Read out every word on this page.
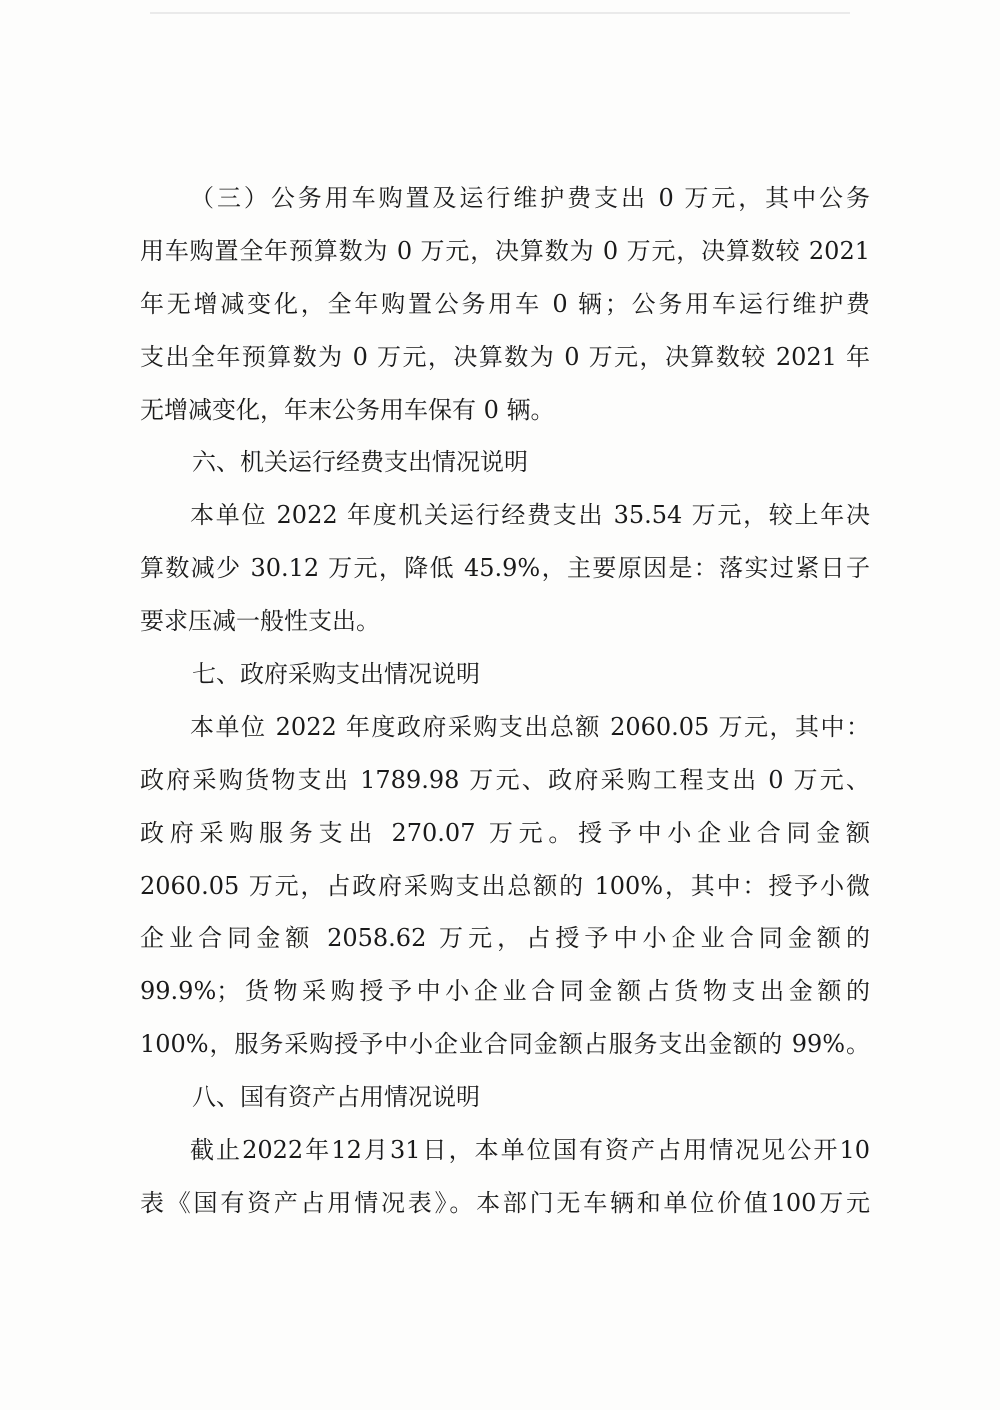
（三）公务用车购置及运行维护费支出 0 万元，其中公务
用车购置全年预算数为 0 万元，决算数为 0 万元，决算数较 2021
年无增减变化，全年购置公务用车 0 辆；公务用车运行维护费
支出全年预算数为 0 万元，决算数为 0 万元，决算数较 2021 年
无增减变化，年末公务用车保有 0 辆。
六、机关运行经费支出情况说明
本单位 2022 年度机关运行经费支出 35.54 万元，较上年决
算数减少 30.12 万元，降低 45.9%，主要原因是：落实过紧日子
要求压减一般性支出。
七、政府采购支出情况说明
本单位 2022 年度政府采购支出总额 2060.05 万元，其中：
政府采购货物支出 1789.98 万元、政府采购工程支出 0 万元、
政府采购服务支出 270.07 万元。授予中小企业合同金额
2060.05 万元，占政府采购支出总额的 100%，其中：授予小微
企业合同金额 2058.62 万元，占授予中小企业合同金额的
99.9%；货物采购授予中小企业合同金额占货物支出金额的
100%，服务采购授予中小企业合同金额占服务支出金额的 99%。
八、国有资产占用情况说明
截止2022年12月31日，本单位国有资产占用情况见公开10
表《国有资产占用情况表》。本部门无车辆和单位价值100万元
